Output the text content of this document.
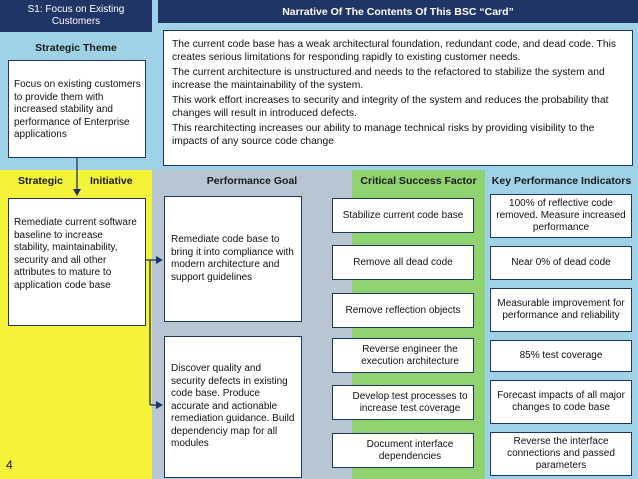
S1: Focus on Existing Customers
Narrative Of The Contents Of This BSC “Card”
Strategic Theme
Focus on existing customers to provide them with increased stability and performance of Enterprise applications

The current code base has a weak architectural foundation, redundant code, and dead code. This creates serious limitations for responding rapidly to existing customer needs.

The current architecture is unstructured and needs to the refactored to stabilize the system and increase the maintainability of the system.

This work effort increases to security and integrity of the system and reduces the probability that changes will result in introduced defects.

This rearchitecting increases our ability to manage technical risks by providing visibility to the impacts of any source code change

Strategic	Initiative	Performance Goal	Critical Success Factor	Key Performance Indicators
Remediate current software baseline to increase stability, maintainability, security and all other attributes to mature to application code base
Remediate code base to bring it into compliance with modern architecture and support guidelines
Discover quality and security defects in existing code base. Produce accurate and actionable remediation guidance. Build dependenciy map for all modules
Stabilize current code base
Remove all dead code
Remove reflection objects
Reverse engineer the execution architecture
Develop test processes to increase test coverage
Document interface dependencies
100% of reflective code removed. Measure increased performance
Near 0% of dead code
Measurable improvement for performance and reliability
85% test coverage
Forecast impacts of all major changes to code base
Reverse the interface connections and passed parameters
4
